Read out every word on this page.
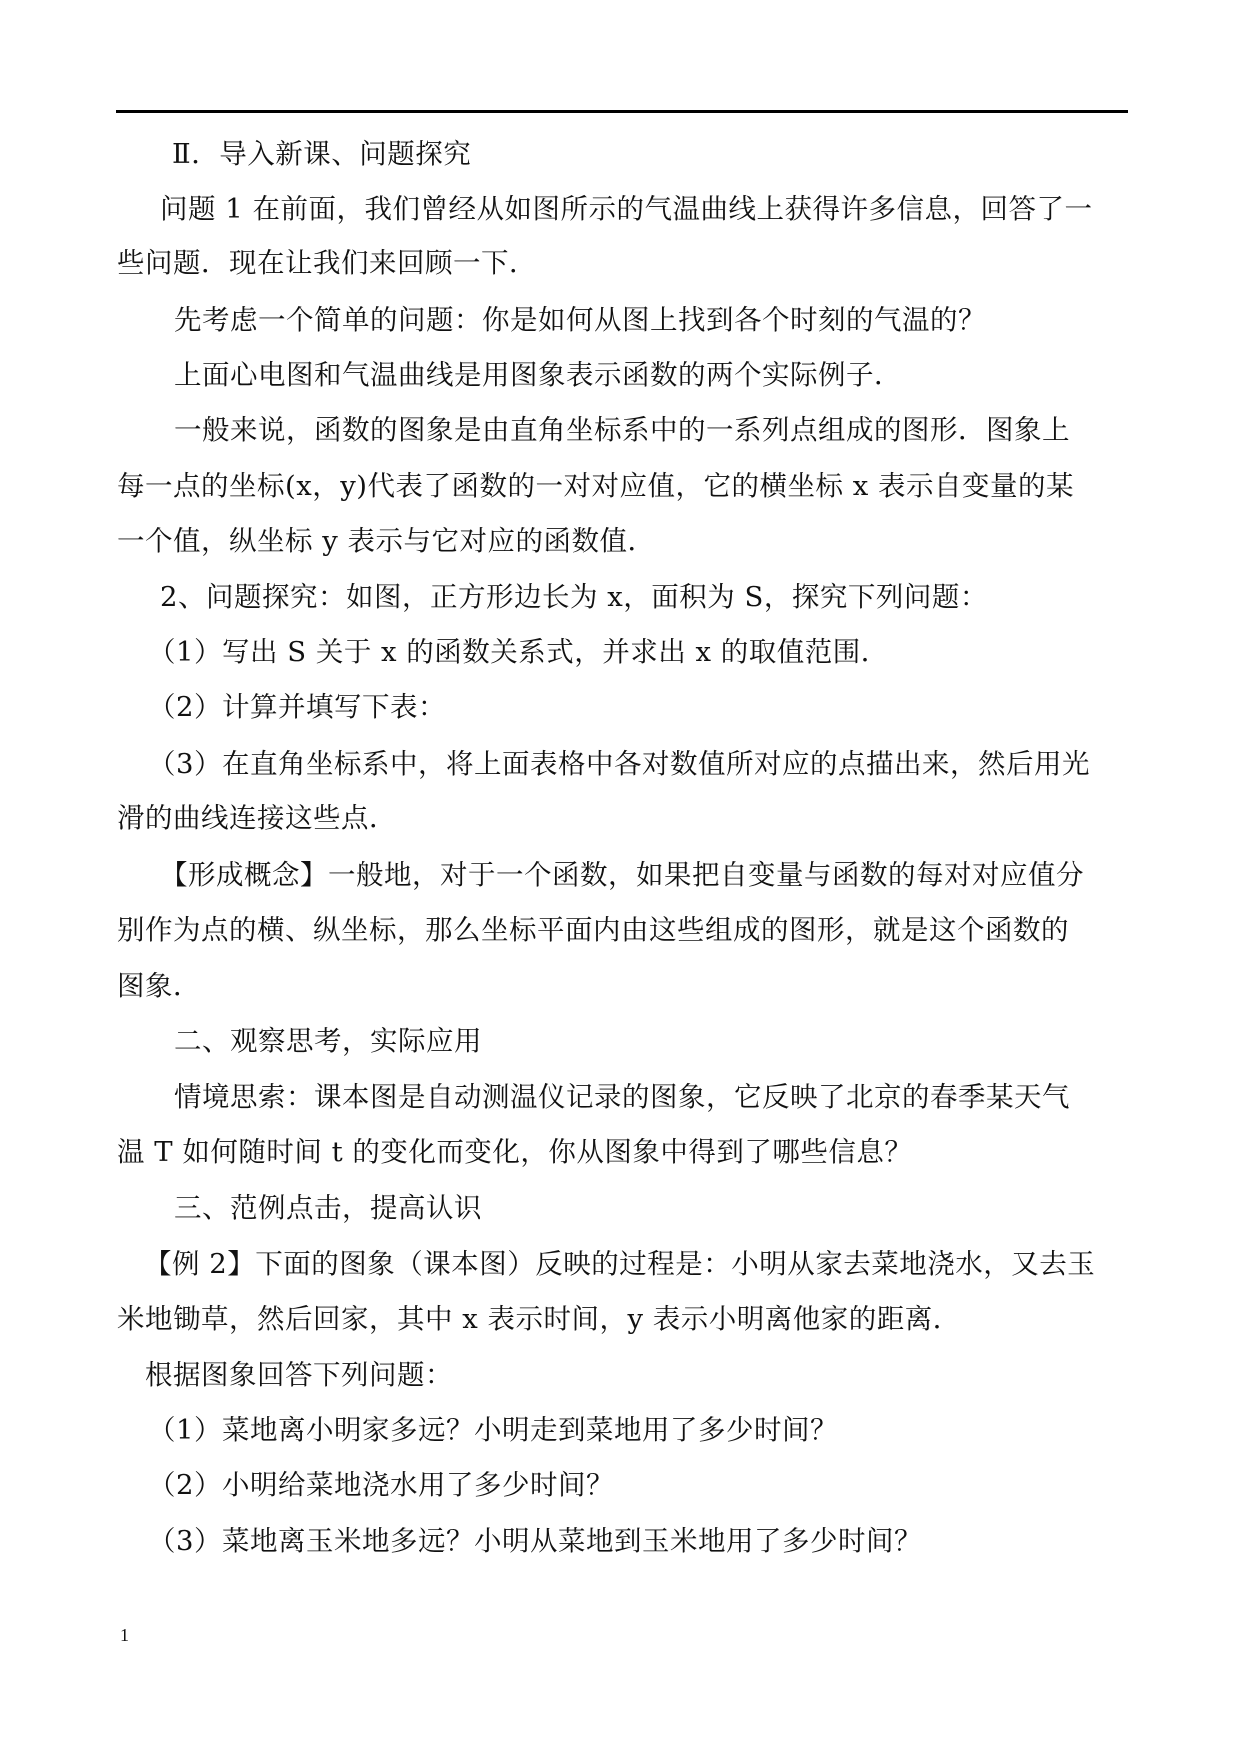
Ⅱ．导入新课、问题探究
问题 1 在前面，我们曾经从如图所示的气温曲线上获得许多信息，回答了一
些问题．现在让我们来回顾一下．
先考虑一个简单的问题：你是如何从图上找到各个时刻的气温的？
上面心电图和气温曲线是用图象表示函数的两个实际例子．
一般来说，函数的图象是由直角坐标系中的一系列点组成的图形．图象上
每一点的坐标(x，y)代表了函数的一对对应值，它的横坐标 x 表示自变量的某
一个值，纵坐标 y 表示与它对应的函数值．
2、问题探究：如图，正方形边长为 x，面积为 S，探究下列问题：
（1）写出 S 关于 x 的函数关系式，并求出 x 的取值范围．
（2）计算并填写下表：
（3）在直角坐标系中，将上面表格中各对数值所对应的点描出来，然后用光
滑的曲线连接这些点．
【形成概念】一般地，对于一个函数，如果把自变量与函数的每对对应值分
别作为点的横、纵坐标，那么坐标平面内由这些组成的图形，就是这个函数的
图象．
二、观察思考，实际应用
情境思索：课本图是自动测温仪记录的图象，它反映了北京的春季某天气
温 T 如何随时间 t 的变化而变化，你从图象中得到了哪些信息？
三、范例点击，提高认识
【例 2】下面的图象（课本图）反映的过程是：小明从家去菜地浇水，又去玉
米地锄草，然后回家，其中 x 表示时间，y 表示小明离他家的距离．
根据图象回答下列问题：
（1）菜地离小明家多远？小明走到菜地用了多少时间？
（2）小明给菜地浇水用了多少时间？
（3）菜地离玉米地多远？小明从菜地到玉米地用了多少时间？
1
